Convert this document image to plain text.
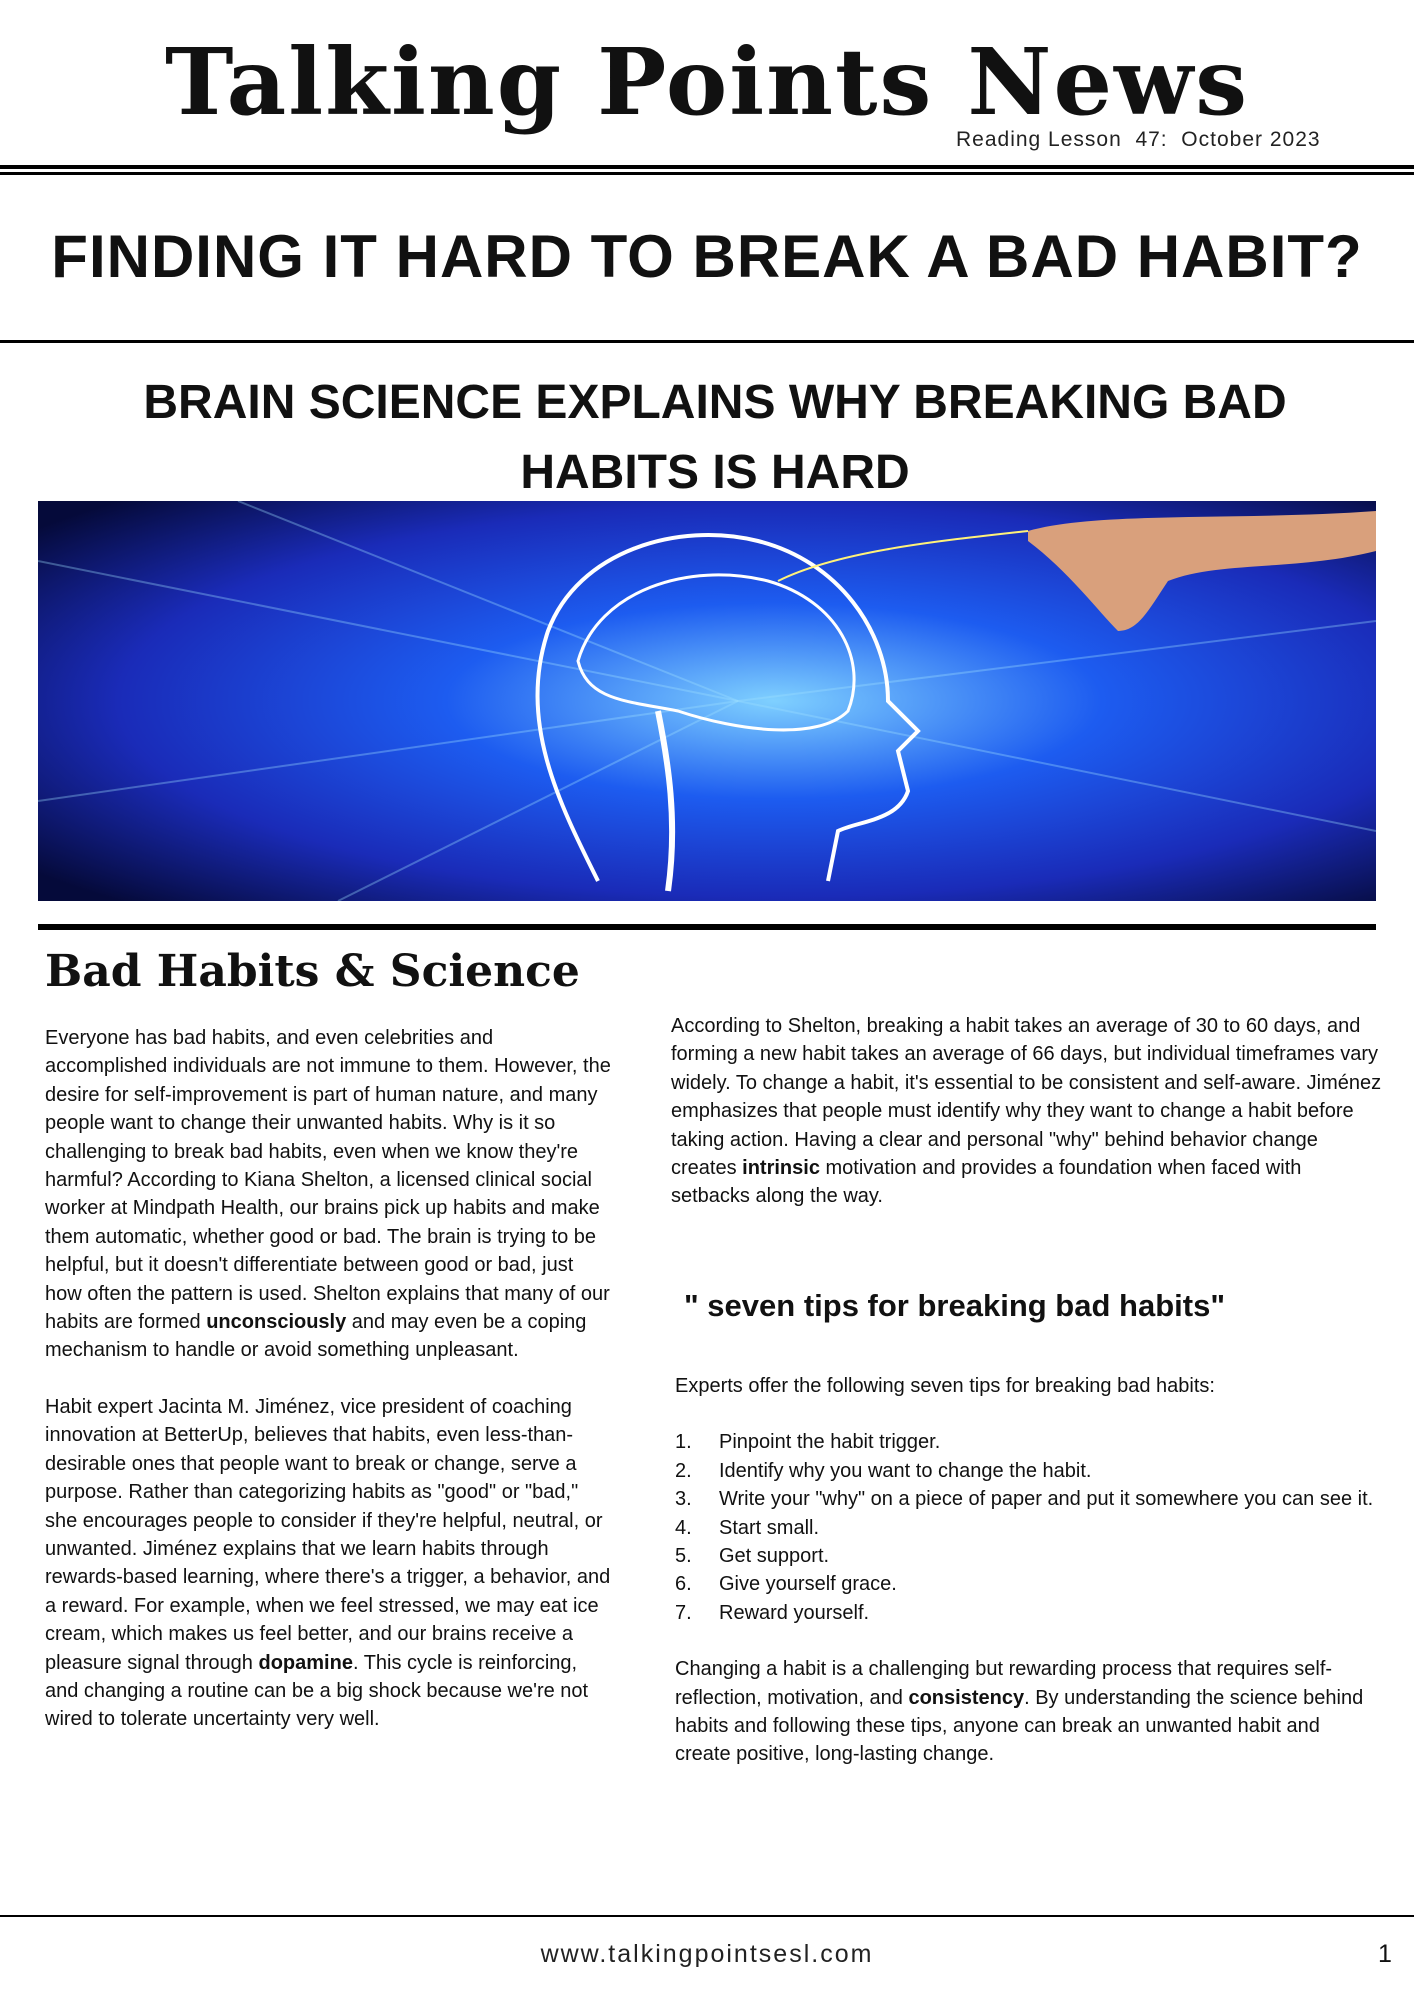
Talking Points News
Reading Lesson  47:  October 2023
FINDING IT HARD TO BREAK A BAD HABIT?
BRAIN SCIENCE EXPLAINS WHY BREAKING BAD HABITS IS HARD
Bad Habits & Science

Everyone has bad habits, and even celebrities and accomplished individuals are not immune to them. However, the desire for self-improvement is part of human nature, and many people want to change their unwanted habits. Why is it so challenging to break bad habits, even when we know they're harmful? According to Kiana Shelton, a licensed clinical social worker at Mindpath Health, our brains pick up habits and make them automatic, whether good or bad. The brain is trying to be helpful, but it doesn't differentiate between good or bad, just how often the pattern is used. Shelton explains that many of our habits are formed unconsciously and may even be a coping mechanism to handle or avoid something unpleasant.

Habit expert Jacinta M. Jiménez, vice president of coaching innovation at BetterUp, believes that habits, even less-than-desirable ones that people want to break or change, serve a purpose. Rather than categorizing habits as "good" or "bad," she encourages people to consider if they're helpful, neutral, or unwanted. Jiménez explains that we learn habits through rewards-based learning, where there's a trigger, a behavior, and a reward. For example, when we feel stressed, we may eat ice cream, which makes us feel better, and our brains receive a pleasure signal through dopamine. This cycle is reinforcing, and changing a routine can be a big shock because we're not wired to tolerate uncertainty very well.

According to Shelton, breaking a habit takes an average of 30 to 60 days, and forming a new habit takes an average of 66 days, but individual timeframes vary widely. To change a habit, it's essential to be consistent and self-aware. Jiménez emphasizes that people must identify why they want to change a habit before taking action. Having a clear and personal "why" behind behavior change creates intrinsic motivation and provides a foundation when faced with setbacks along the way.

" seven tips for breaking bad habits"
Experts offer the following seven tips for breaking bad habits:
1. Pinpoint the habit trigger.
2. Identify why you want to change the habit.
3. Write your "why" on a piece of paper and put it somewhere you can see it.
4. Start small.
5. Get support.
6. Give yourself grace.
7. Reward yourself.
Changing a habit is a challenging but rewarding process that requires self-reflection, motivation, and consistency. By understanding the science behind habits and following these tips, anyone can break an unwanted habit and create positive, long-lasting change.
www.talkingpointsesl.com	1
